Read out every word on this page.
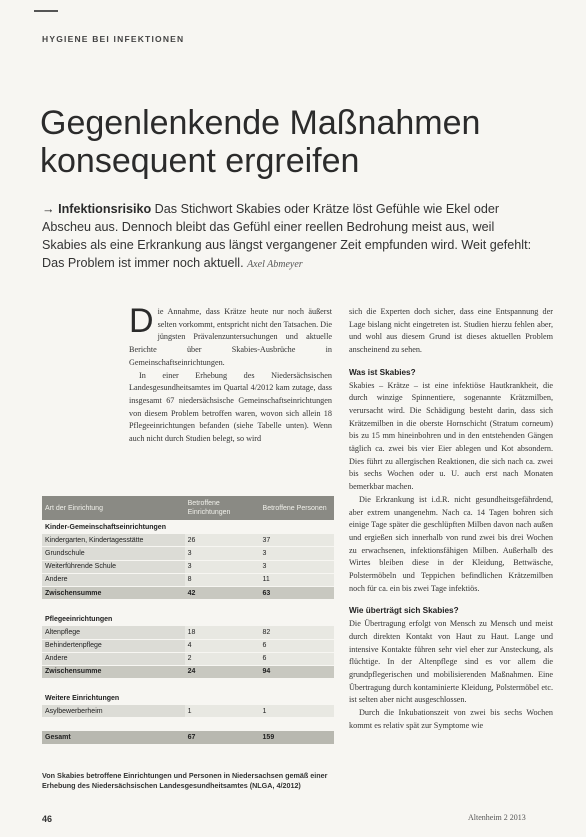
HYGIENE BEI INFEKTIONEN
Gegenlenkende Maßnahmen
konsequent ergreifen
→ Infektionsrisiko Das Stichwort Skabies oder Krätze löst Gefühle wie Ekel oder Abscheu aus. Dennoch bleibt das Gefühl einer reellen Bedrohung meist aus, weil Skabies als eine Erkrankung aus längst vergangener Zeit empfunden wird. Weit gefehlt: Das Problem ist immer noch aktuell. Axel Abmeyer

D ie Annahme, dass Krätze heute nur noch äußerst selten vorkommt, entspricht nicht den Tatsachen. Die jüngsten Prävalenzuntersuchungen und aktuelle Berichte über Skabies-Ausbrüche in Gemeinschaftseinrichtungen.

In einer Erhebung des Niedersächsischen Landesgesundheitsamtes im Quartal 4/2012 kam zutage, dass insgesamt 67 niedersächsische Gemeinschaftseinrichtungen von diesem Problem betroffen waren, wovon sich allein 18 Pflegeeinrichtungen befanden (siehe Tabelle unten). Wenn auch nicht durch Studien belegt, so wird

sich die Experten doch sicher, dass eine Entspannung der Lage bislang nicht eingetreten ist. Studien hierzu fehlen aber, und wohl aus diesem Grund ist dieses aktuellen Problem anscheinend zu sehen.

Was ist Skabies?

Skabies – Krätze – ist eine infektiöse Hautkrankheit, die durch winzige Spinnentiere, sogenannte Krätzmilben, verursacht wird. Die Schädigung besteht darin, dass sich Krätzemilben in die oberste Hornschicht (Stratum corneum) bis zu 15 mm hineinbohren und in den entstehenden Gängen täglich ca. zwei bis vier Eier ablegen und Kot absondern. Dies führt zu allergischen Reaktionen, die sich nach ca. zwei bis sechs Wochen oder u. U. auch erst nach Monaten bemerkbar machen.

Die Erkrankung ist i.d.R. nicht gesundheitsgefährdend, aber extrem unangenehm. Nach ca. 14 Tagen bohren sich einige Tage später die geschlüpften Milben davon nach außen und ergießen sich innerhalb von rund zwei bis drei Wochen zu erwachsenen, infektionsfähigen Milben. Außerhalb des Wirtes bleiben diese in der Kleidung, Bettwäsche, Polstermöbeln und Teppichen befindlichen Krätzemilben noch für ca. ein bis zwei Tage infektiös.

Wie überträgt sich Skabies?

Die Übertragung erfolgt von Mensch zu Mensch und meist durch direkten Kontakt von Haut zu Haut. Lange und intensive Kontakte führen sehr viel eher zur Ansteckung, als flüchtige. In der Altenpflege sind es vor allem die grundpflegerischen und mobilisierenden Maßnahmen. Eine Übertragung durch kontaminierte Kleidung, Polstermöbel etc. ist selten aber nicht ausgeschlossen.

Durch die Inkubationszeit von zwei bis sechs Wochen kommt es relativ spät zur Symptome wie

Art der Einrichtung	Betroffene Einrichtungen	Betroffene Personen
Kinder-Gemeinschaftseinrichtungen		
Kindergarten, Kindertagesstätte	26	37
Grundschule	3	3
Weiterführende Schule	3	3
Andere	8	11
Zwischensumme	42	63

Pflegeeinrichtungen		
Altenpflege	18	82
Behindertenpflege	4	6
Andere	2	6
Zwischensumme	24	94

Weitere Einrichtungen		
Asylbewerberheim	1	1

Gesamt	67	159
Von Skabies betroffene Einrichtungen und Personen in Niedersachsen gemäß einer Erhebung des Niedersächsischen Landesgesundheitsamtes (NLGA, 4/2012)
46	Altenheim 2 2013
